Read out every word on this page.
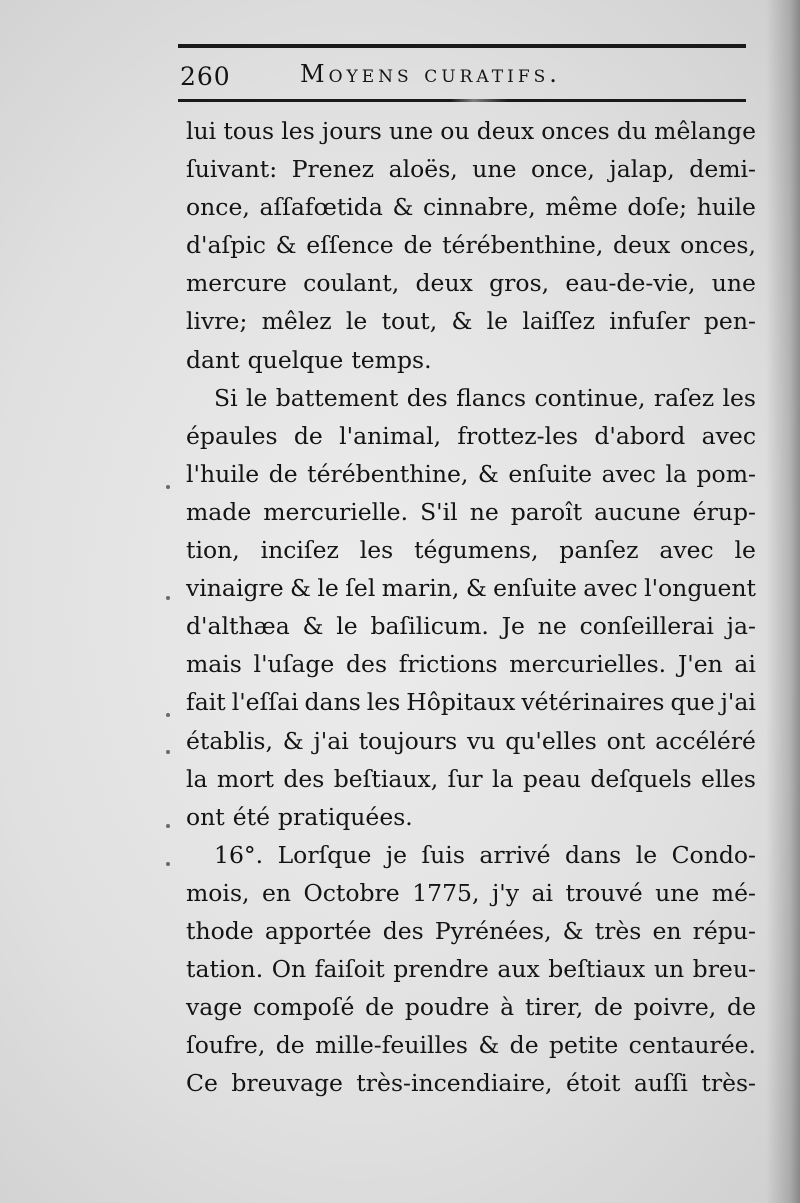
260	Moyens curatifs.
lui tous les jours une ou deux onces du mêlange
ſuivant: Prenez aloës, une once, jalap, demi-
once, aſſafœtida & cinnabre, même doſe; huile
d'aſpic & eſſence de térébenthine, deux onces,
mercure coulant, deux gros, eau-de-vie, une
livre; mêlez le tout, & le laiſſez infuſer pen-
dant quelque temps.
Si le battement des flancs continue, raſez les
épaules de l'animal, frottez-les d'abord avec
l'huile de térébenthine, & enſuite avec la pom-
made mercurielle. S'il ne paroît aucune érup-
tion, inciſez les tégumens, panſez avec le
vinaigre & le ſel marin, & enſuite avec l'onguent
d'althæa & le baſilicum. Je ne conſeillerai ja-
mais l'uſage des frictions mercurielles. J'en ai
fait l'eſſai dans les Hôpitaux vétérinaires que j'ai
établis, & j'ai toujours vu qu'elles ont accéléré
la mort des beſtiaux, ſur la peau deſquels elles
ont été pratiquées.
16°. Lorſque je ſuis arrivé dans le Condo-
mois, en Octobre 1775, j'y ai trouvé une mé-
thode apportée des Pyrénées, & très en répu-
tation. On faiſoit prendre aux beſtiaux un breu-
vage compoſé de poudre à tirer, de poivre, de
ſoufre, de mille-feuilles & de petite centaurée.
Ce breuvage très-incendiaire, étoit auſſi très-
